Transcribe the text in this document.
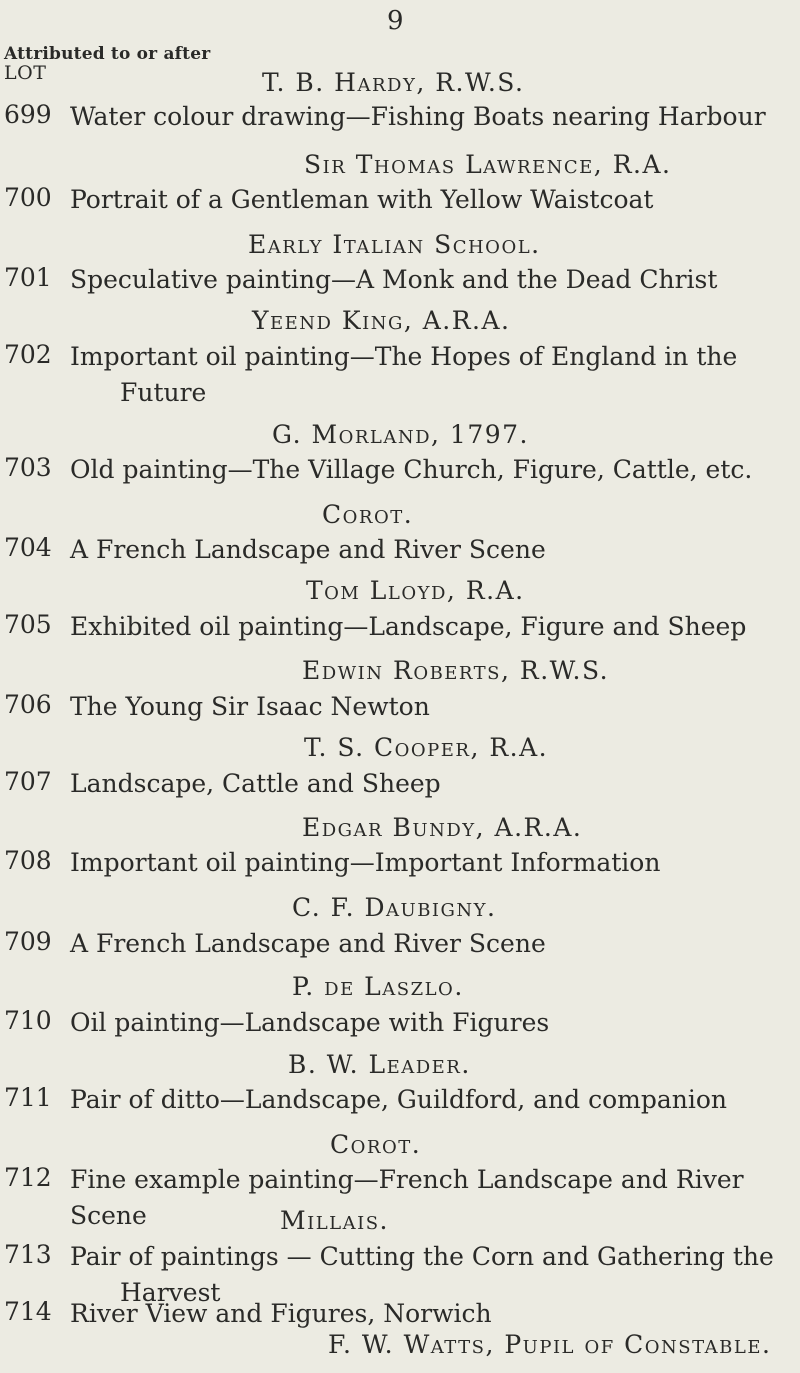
9
Attributed to or after
LOT	T. B. Hardy, R.W.S.
699 Water colour drawing—Fishing Boats nearing Harbour
Sir Thomas Lawrence, R.A.
700 Portrait of a Gentleman with Yellow Waistcoat
Early Italian School.
701 Speculative painting—A Monk and the Dead Christ
Yeend King, A.R.A.
702 Important oil painting—The Hopes of England in the
Future
G. Morland, 1797.
703 Old painting—The Village Church, Figure, Cattle, etc.
Corot.
704 A French Landscape and River Scene
Tom Lloyd, R.A.
705 Exhibited oil painting—Landscape, Figure and Sheep
Edwin Roberts, R.W.S.
706 The Young Sir Isaac Newton
T. S. Cooper, R.A.
707 Landscape, Cattle and Sheep
Edgar Bundy, A.R.A.
708 Important oil painting—Important Information
C. F. Daubigny.
709 A French Landscape and River Scene
P. de Laszlo.
710 Oil painting—Landscape with Figures
B. W. Leader.
711 Pair of ditto—Landscape, Guildford, and companion
Corot.
712 Fine example painting—French Landscape and River Scene	Millais.
713 Pair of paintings — Cutting the Corn and Gathering the
Harvest
F. W. Watts, Pupil of Constable.
714 River View and Figures, Norwich
